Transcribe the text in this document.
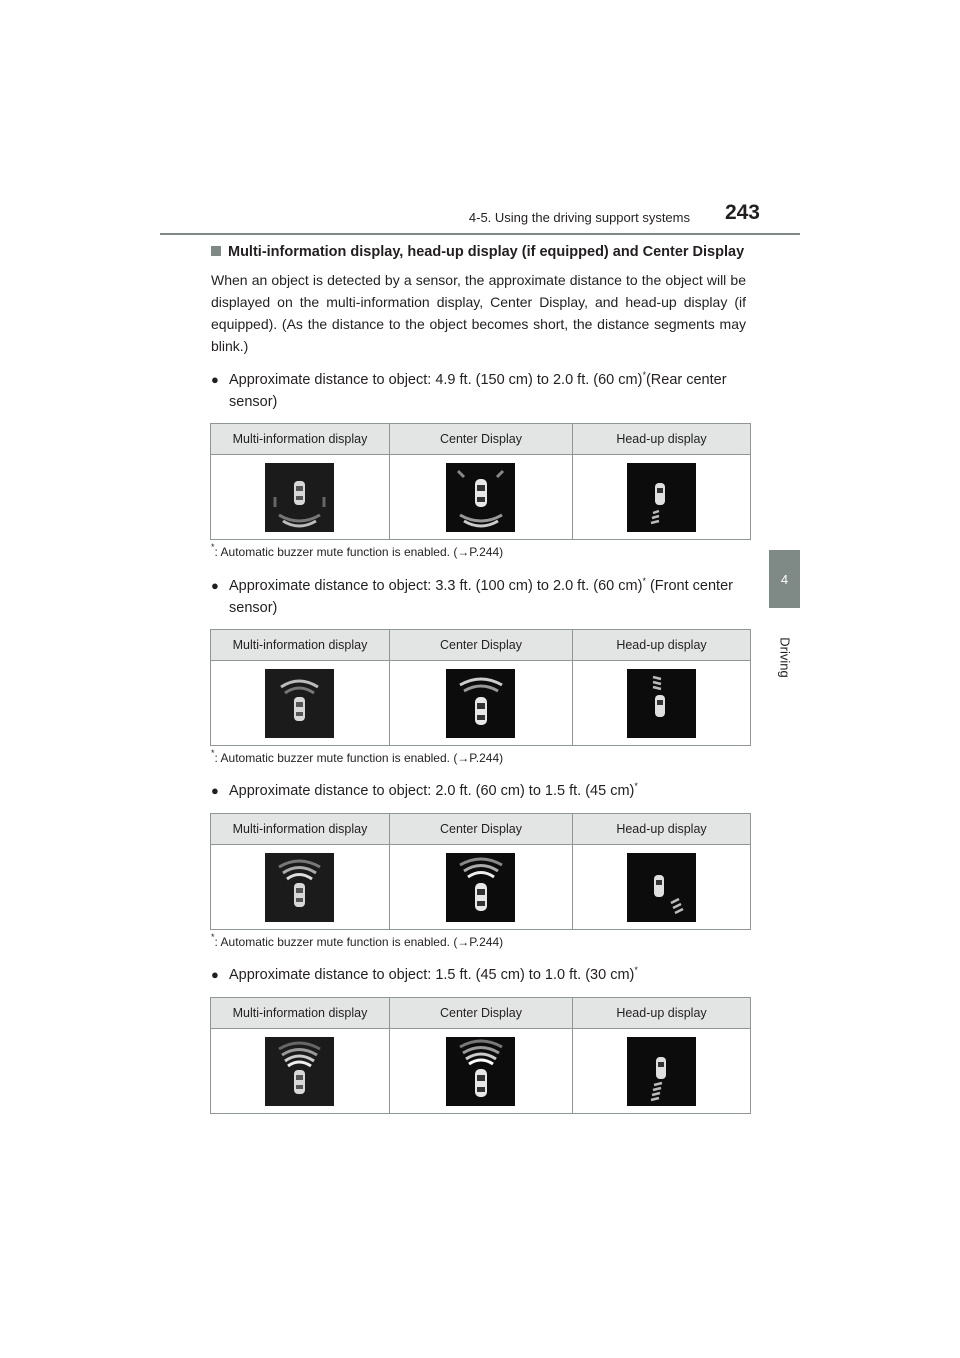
4-5. Using the driving support systems	243
4
Driving
Multi-information display, head-up display (if equipped) and Center Display
When an object is detected by a sensor, the approximate distance to the object will be displayed on the multi-information display, Center Display, and head-up display (if equipped). (As the distance to the object becomes short, the distance segments may blink.)
● Approximate distance to object: 4.9 ft. (150 cm) to 2.0 ft. (60 cm)*(Rear center sensor)
Multi-information display	Center Display	Head-up display

*: Automatic buzzer mute function is enabled. (→P.244)
● Approximate distance to object: 3.3 ft. (100 cm) to 2.0 ft. (60 cm)* (Front center sensor)
Multi-information display	Center Display	Head-up display

*: Automatic buzzer mute function is enabled. (→P.244)
● Approximate distance to object: 2.0 ft. (60 cm) to 1.5 ft. (45 cm)*
Multi-information display	Center Display	Head-up display

*: Automatic buzzer mute function is enabled. (→P.244)
● Approximate distance to object: 1.5 ft. (45 cm) to 1.0 ft. (30 cm)*
Multi-information display	Center Display	Head-up display
